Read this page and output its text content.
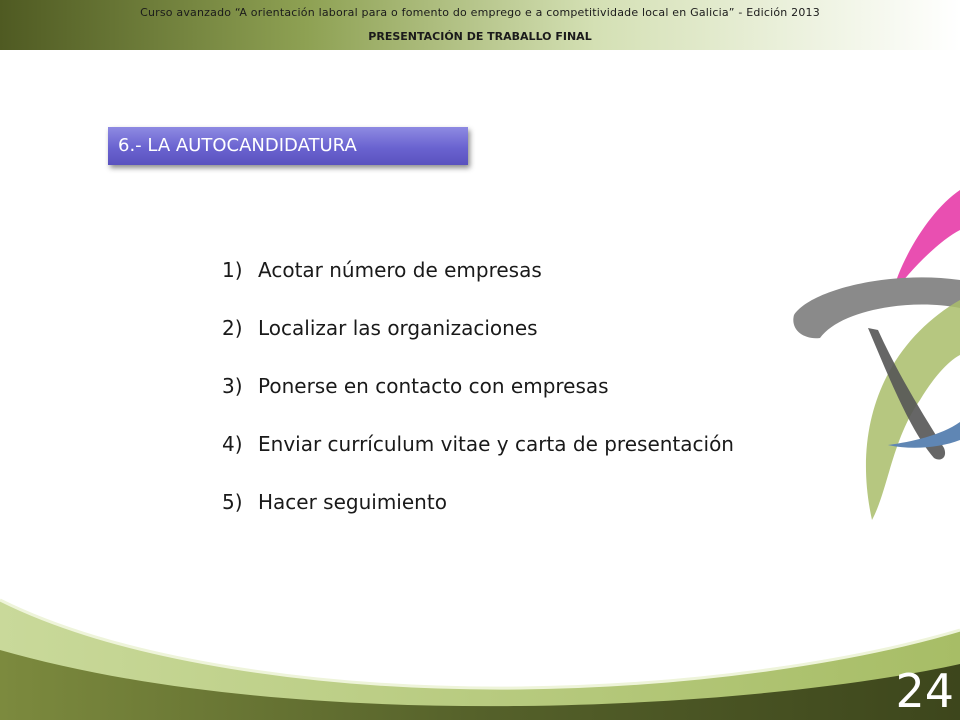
Curso avanzado “A orientación laboral para o fomento do emprego e a competitividade local en Galicia” - Edición 2013
PRESENTACIÓN DE TRABALLO FINAL
6.- LA AUTOCANDIDATURA
1) Acotar número de empresas
2) Localizar las organizaciones
3) Ponerse en contacto con empresas
4) Enviar currículum vitae y carta de presentación
5) Hacer seguimiento
24
